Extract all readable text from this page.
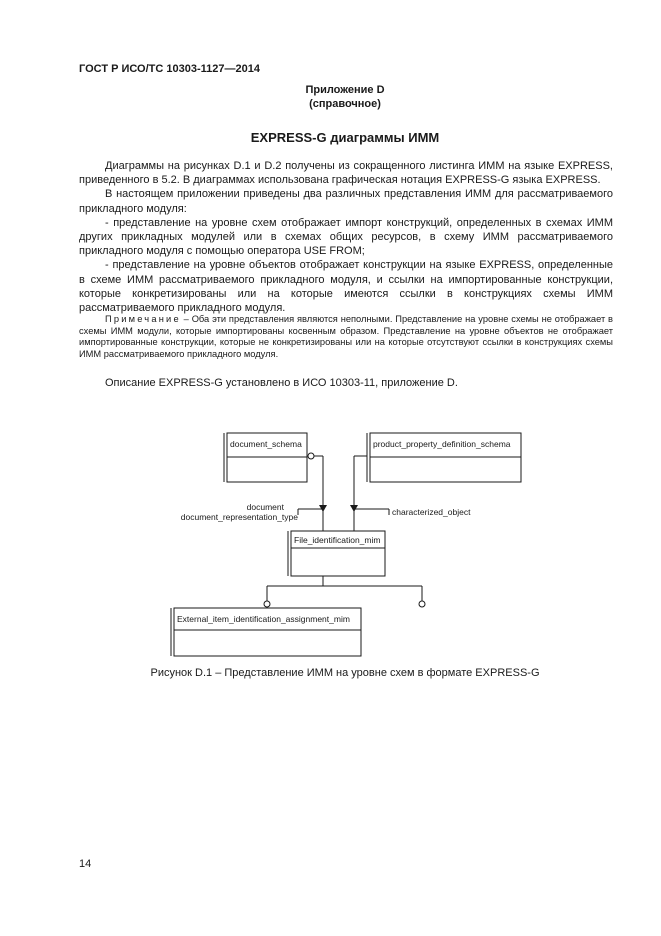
ГОСТ Р ИСО/ТС 10303-1127—2014
Приложение D
(справочное)
EXPRESS-G диаграммы ИММ

Диаграммы на рисунках D.1 и D.2 получены из сокращенного листинга ИММ на языке EXPRESS, приведенного в 5.2. В диаграммах использована графическая нотация EXPRESS-G языка EXPRESS.

В настоящем приложении приведены два различных представления ИММ для рассматриваемого прикладного модуля:

- представление на уровне схем отображает импорт конструкций, определенных в схемах ИММ других прикладных модулей или в схемах общих ресурсов, в схему ИММ рассматриваемого прикладного модуля с помощью оператора USE FROM;

- представление на уровне объектов отображает конструкции на языке EXPRESS, определенные в схеме ИММ рассматриваемого прикладного модуля, и ссылки на импортированные конструкции, которые конкретизированы или на которые имеются ссылки в конструкциях схемы ИММ рассматриваемого прикладного модуля.

Примечание – Оба эти представления являются неполными. Представление на уровне схемы не отображает в схемы ИММ модули, которые импортированы косвенным образом. Представление на уровне объектов не отображает импортированные конструкции, которые не конкретизированы или на которые отсутствуют ссылки в конструкциях схемы ИММ рассматриваемого прикладного модуля.

Описание EXPRESS-G установлено в ИСО 10303-11, приложение D.

document_schema	product_property_definition_schema
File_identification_mim
External_item_identification_assignment_mim
document
document_representation_type	characterized_object
Рисунок D.1 – Представление ИММ на уровне схем в формате EXPRESS-G
14
